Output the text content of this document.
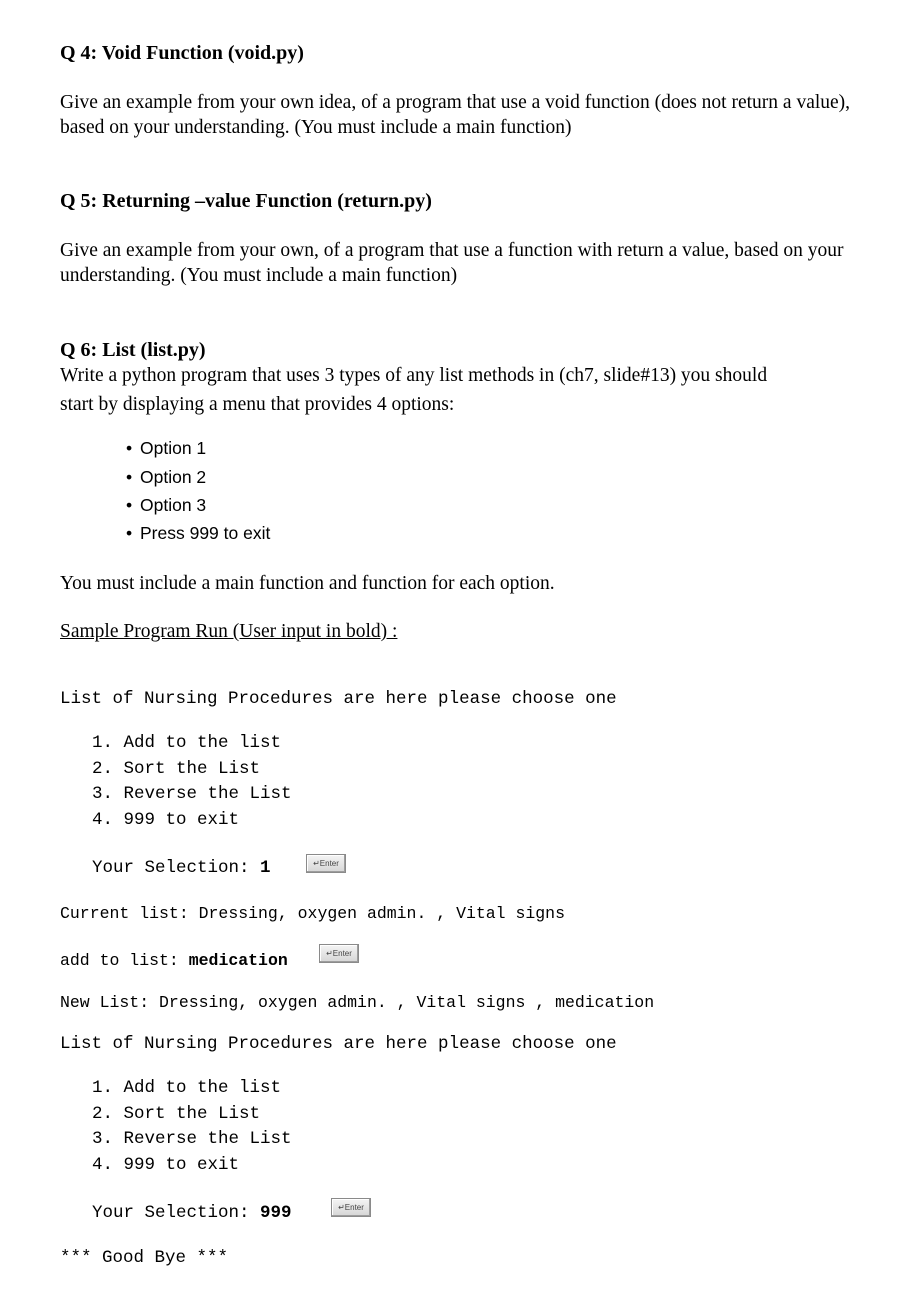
Q 4: Void Function (void.py)
Give an example from your own idea, of a program that use a void function (does not return a value), based on your understanding. (You must include a main function)
Q 5: Returning –value Function (return.py)
Give an example from your own, of a program that use a function with return a value, based on your understanding. (You must include a main function)
Q 6: List (list.py)
Write a python program that uses 3 types of any list methods in (ch7, slide#13) you should
start by displaying a menu that provides 4 options:
• Option 1
• Option 2
• Option 3
• Press 999 to exit
You must include a main function and function for each option.
Sample Program Run (User input in bold) :
List of Nursing Procedures are here please choose one
1. Add to the list
2. Sort the List
3. Reverse the List
4. 999 to exit
Your Selection: 1	↵Enter
Current list: Dressing, oxygen admin. , Vital signs
add to list: medication	↵Enter
New List: Dressing, oxygen admin. , Vital signs , medication
List of Nursing Procedures are here please choose one
1. Add to the list
2. Sort the List
3. Reverse the List
4. 999 to exit
Your Selection: 999	↵Enter
*** Good Bye ***
